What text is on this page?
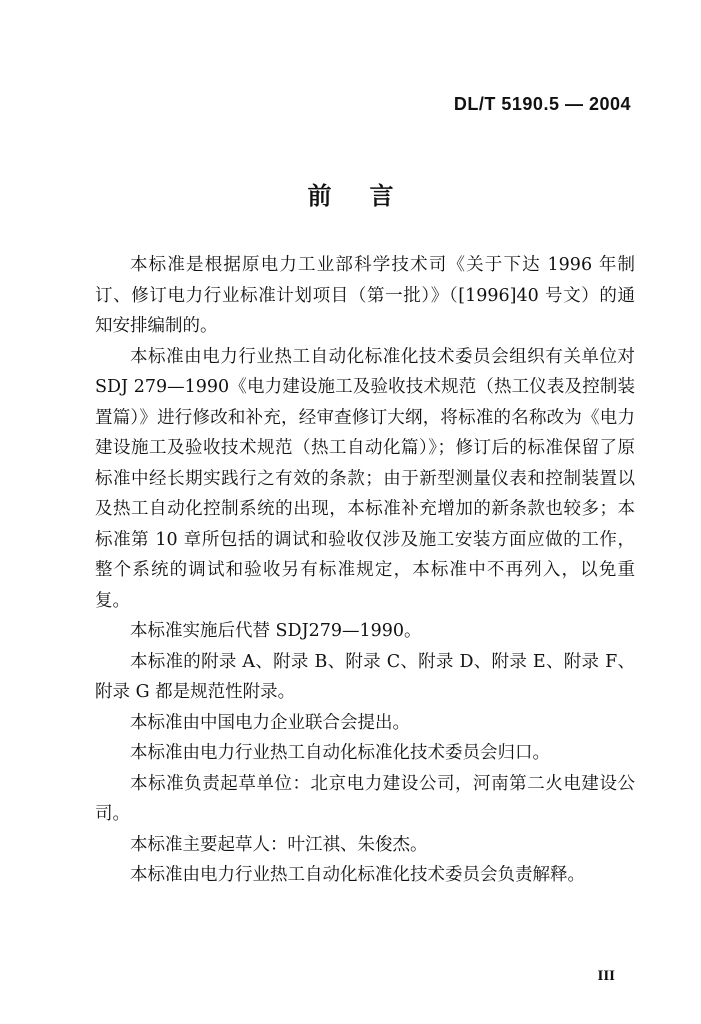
DL/T 5190.5 — 2004
前言

本标准是根据原电力工业部科学技术司《关于下达 1996 年制订、修订电力行业标准计划项目（第一批）》（[1996]40 号文）的通知安排编制的。

本标准由电力行业热工自动化标准化技术委员会组织有关单位对 SDJ 279—1990《电力建设施工及验收技术规范（热工仪表及控制装置篇）》进行修改和补充，经审查修订大纲，将标准的名称改为《电力建设施工及验收技术规范（热工自动化篇）》；修订后的标准保留了原标准中经长期实践行之有效的条款；由于新型测量仪表和控制装置以及热工自动化控制系统的出现，本标准补充增加的新条款也较多；本标准第 10 章所包括的调试和验收仅涉及施工安装方面应做的工作，整个系统的调试和验收另有标准规定，本标准中不再列入，以免重复。

本标准实施后代替 SDJ279—1990。

本标准的附录 A、附录 B、附录 C、附录 D、附录 E、附录 F、附录 G 都是规范性附录。

本标准由中国电力企业联合会提出。

本标准由电力行业热工自动化标准化技术委员会归口。

本标准负责起草单位：北京电力建设公司，河南第二火电建设公司。

本标准主要起草人：叶江祺、朱俊杰。

本标准由电力行业热工自动化标准化技术委员会负责解释。

III
